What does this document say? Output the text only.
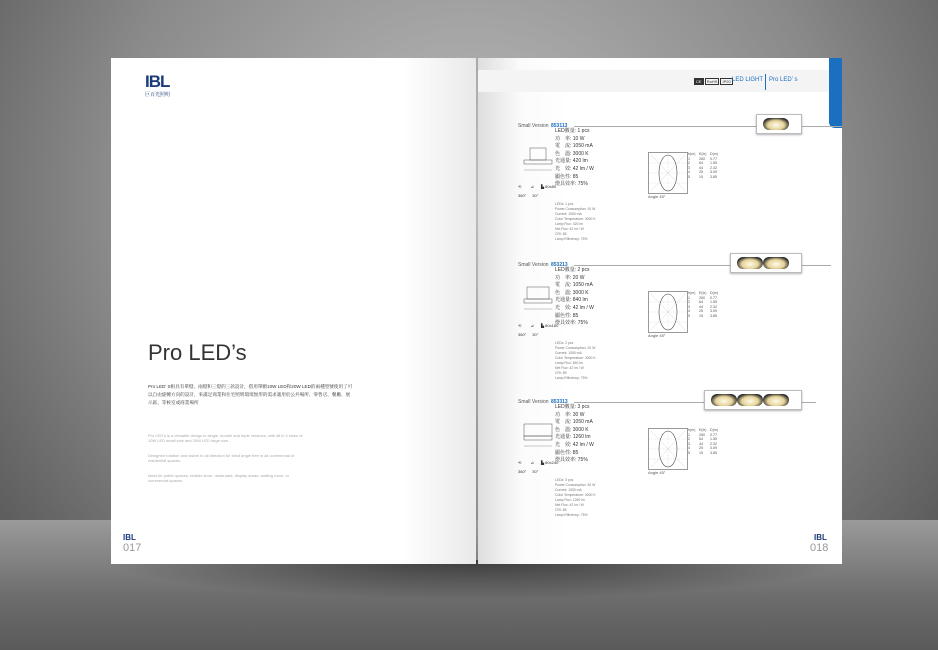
IBL
巨百光照明
Pro LED’s
Pro LED’ S相具有單燈、兩燈和三燈的三款設計，搭用單顆10W LED和20W LED的兩種型號使用了可以自由旋轉方向的設計，來滿足商業和住宅照明環境無形的需求適用於公共場所、零售店、餐廳、展示區、等候室或商業場所
Pro LED’s is a versatile design in single, double and triple versions, with all in 2 sizes of 10W LED small size and 20W LED large size.
Designed rotation and swivel in all direction for blind angle free in all commercial or residential spaces.
Ideal for public spaces, retailer store, restaurant, display areas, waiting room, or commercial spaces.
IBL
017
CE RoHS IP20 LED LIGHT Pro LED’ s
Small Version 853113
⟲ ⊿ ▙ 80x80
360° 30°
LED數量: 1 pcs
功　率: 10 W
電　流: 1050 mA
色　溫: 3000 K
光通量: 420 lm
光　效: 42 lm / W
顯色性: 85
燈具效率: 75%
LEDs: 1 pcs
Power Consumption: 10 W
Current: 1050 mA
Color Temperature: 3000 K
Lamp Flux: 420 lm
Net Flux: 42 lm / W
CRI: 85
Lamp Efficiency: 75%
Angle 45°
h(m) E(lx) D(m)
1	260 0.77
2	64 1.55
3	44 2.32
4	25 3.09
5	15 3.85
Small Version 853213
⟲ ⊿ ▙ 80x160
360° 30°
LED數量: 2 pcs
功　率: 20 W
電　流: 1050 mA
色　溫: 3000 K
光通量: 840 lm
光　效: 42 lm / W
顯色性: 85
燈具效率: 75%
LEDs: 2 pcs
Power Consumption: 20 W
Current: 1050 mA
Color Temperature: 3000 K
Lamp Flux: 840 lm
Net Flux: 42 lm / W
CRI: 85
Lamp Efficiency: 75%
Angle 45°
h(m) E(lx) D(m)
1	260 0.77
2	64 1.55
3	44 2.32
4	25 3.09
5	15 3.85
Small Version 853313
⟲ ⊿ ▙ 80x240
360° 30°
LED數量: 3 pcs
功　率: 30 W
電　流: 1050 mA
色　溫: 3000 K
光通量: 1260 lm
光　效: 42 lm / W
顯色性: 85
燈具效率: 75%
LEDs: 3 pcs
Power Consumption: 30 W
Current: 1050 mA
Color Temperature: 3000 K
Lamp Flux: 1260 lm
Net Flux: 42 lm / W
CRI: 85
Lamp Efficiency: 75%
Angle 45°
h(m) E(lx) D(m)
1	260 0.77
2	64 1.55
3	44 2.32
4	25 3.09
5	15 3.85
IBL
018
